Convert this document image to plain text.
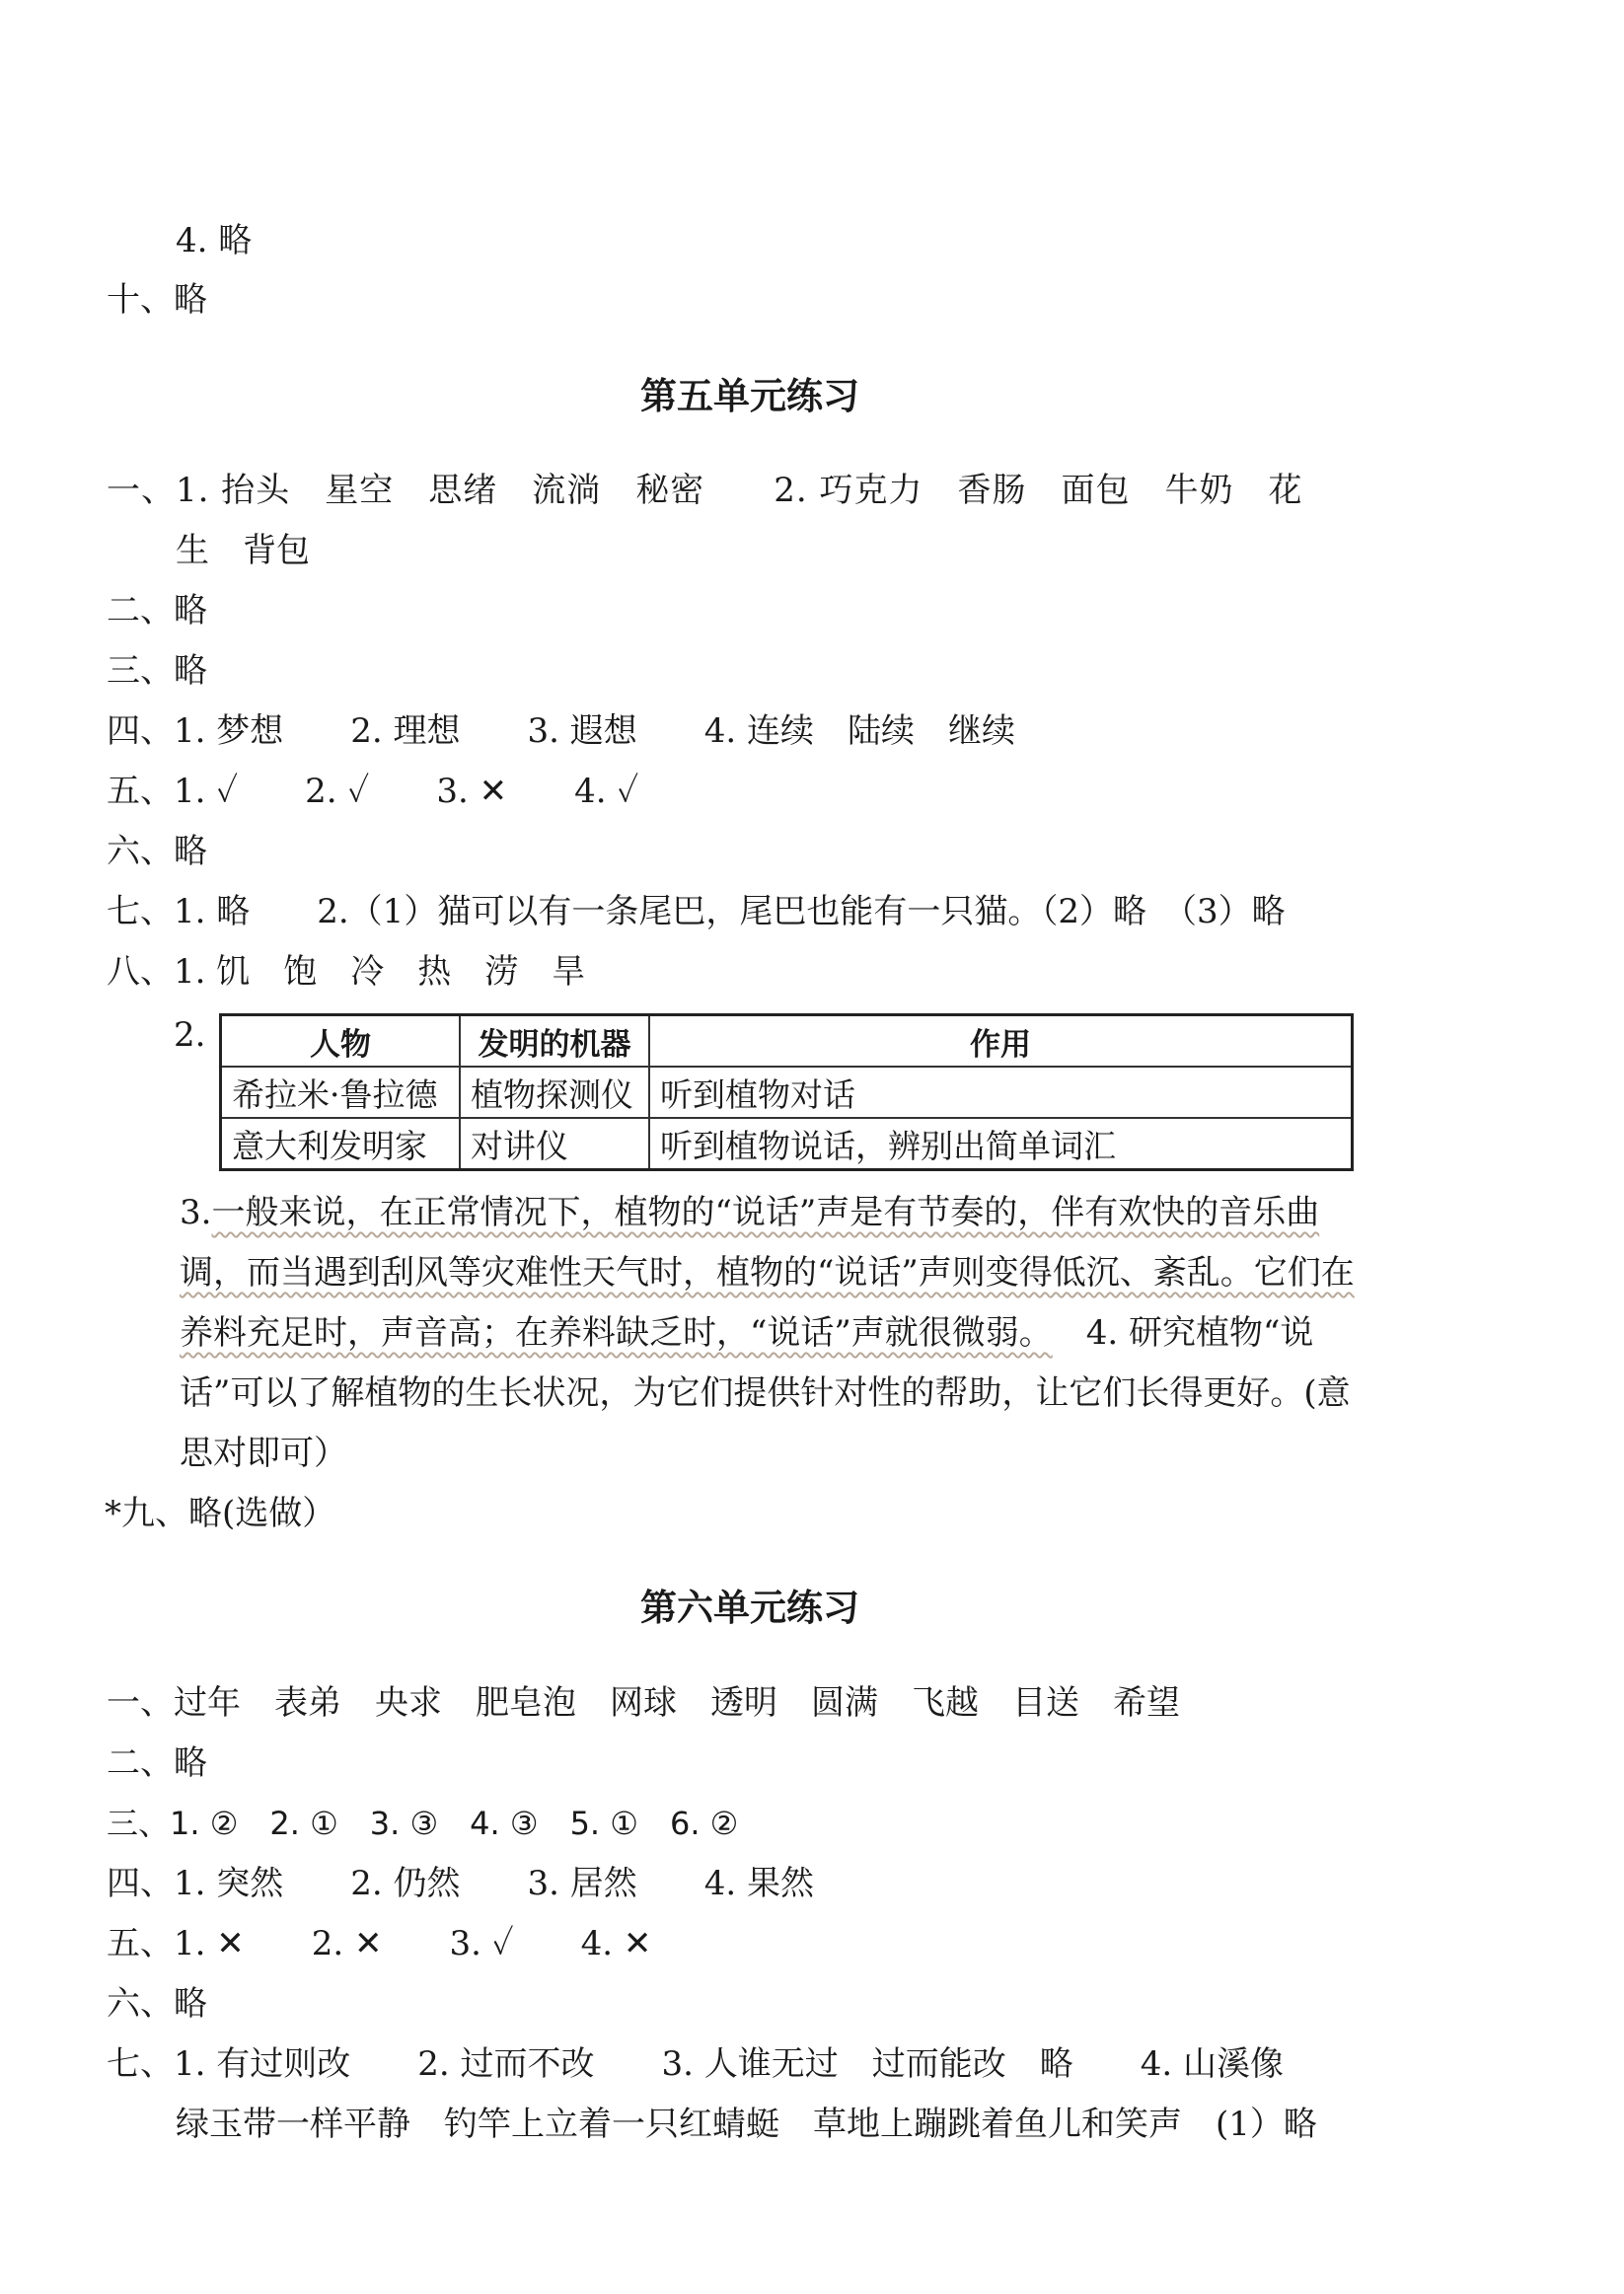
4. 略
十、略
第五单元练习
一、1. 抬头　星空　思绪　流淌　秘密　　2. 巧克力　香肠　面包　牛奶　花
生　背包
二、略
三、略
四、1. 梦想　　2. 理想　　3. 遐想　　4. 连续　陆续　继续
五、1. ✓　　2. ✓　　3. ✕　　4. ✓
六、略
七、1. 略　　2.（1）猫可以有一条尾巴，尾巴也能有一只猫。（2）略　（3）略
八、1. 饥　饱　冷　热　涝　旱
2.	人物	发明的机器	作用
希拉米·鲁拉德	植物探测仪	听到植物对话
意大利发明家	对讲仪	听到植物说话，辨别出简单词汇
3.一般来说，在正常情况下，植物的“说话”声是有节奏的，伴有欢快的音乐曲
调，而当遇到刮风等灾难性天气时，植物的“说话”声则变得低沉、紊乱。它们在
养料充足时，声音高；在养料缺乏时，“说话”声就很微弱。　4. 研究植物“说
话”可以了解植物的生长状况，为它们提供针对性的帮助，让它们长得更好。(意
思对即可）
*九、略(选做）
第六单元练习
一、过年　表弟　央求　肥皂泡　网球　透明　圆满　飞越　目送　希望
二、略
三、1. ②　2. ①　3. ③　4. ③　5. ①　6. ②
四、1. 突然　　2. 仍然　　3. 居然　　4. 果然
五、1. ✕　　2. ✕　　3. ✓　　4. ✕
六、略
七、1. 有过则改　　2. 过而不改　　3. 人谁无过　过而能改　略　　4. 山溪像
绿玉带一样平静　钓竿上立着一只红蜻蜓　草地上蹦跳着鱼儿和笑声　(1）略
